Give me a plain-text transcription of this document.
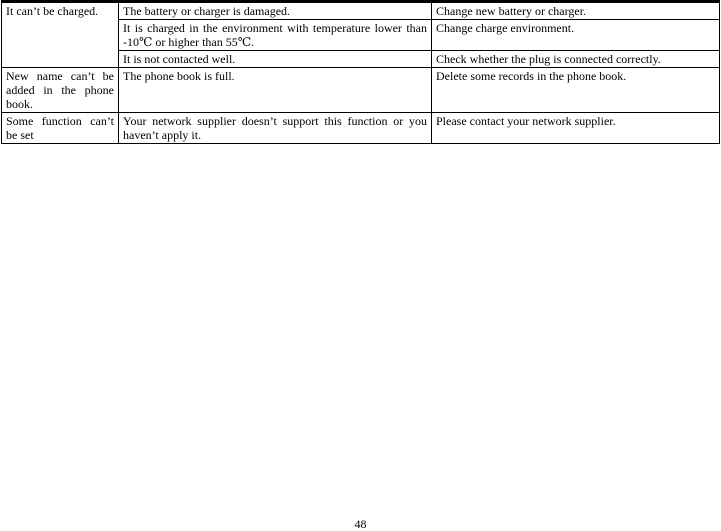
It can’t be charged.	The battery or charger is damaged.	Change new battery or charger.
	It is charged in the environment with temperature lower than -10℃ or higher than 55℃.	Change charge environment.
	It is not contacted well.	Check whether the plug is connected correctly.
New name can’t be added in the phone book.	The phone book is full.	Delete some records in the phone book.
Some function can’t be set	Your network supplier doesn’t support this function or you haven’t apply it.	Please contact your network supplier.
48
